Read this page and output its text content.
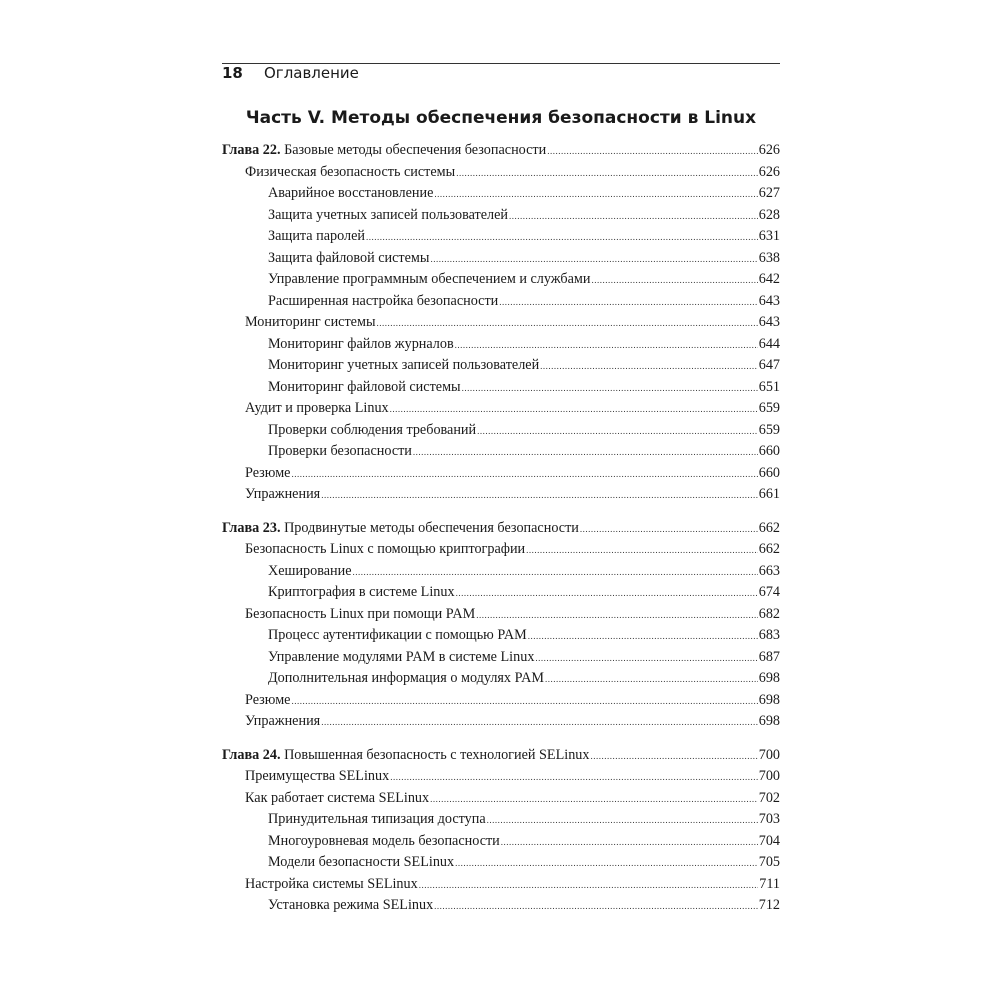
18 Оглавление
Часть V. Методы обеспечения безопасности в Linux
Глава 22. Базовые методы обеспечения безопасности .....	626
Физическая безопасность системы .....	626
Аварийное восстановление .....	627
Защита учетных записей пользователей .....	628
Защита паролей .....	631
Защита файловой системы .....	638
Управление программным обеспечением и службами .....	642
Расширенная настройка безопасности .....	643
Мониторинг системы .....	643
Мониторинг файлов журналов .....	644
Мониторинг учетных записей пользователей .....	647
Мониторинг файловой системы .....	651
Аудит и проверка Linux .....	659
Проверки соблюдения требований .....	659
Проверки безопасности .....	660
Резюме .....	660
Упражнения .....	661
Глава 23. Продвинутые методы обеспечения безопасности .....	662
Безопасность Linux с помощью криптографии .....	662
Хеширование .....	663
Криптография в системе Linux .....	674
Безопасность Linux при помощи PAM .....	682
Процесс аутентификации с помощью PAM .....	683
Управление модулями PAM в системе Linux .....	687
Дополнительная информация о модулях PAM .....	698
Резюме .....	698
Упражнения .....	698
Глава 24. Повышенная безопасность с технологией SELinux .....	700
Преимущества SELinux .....	700
Как работает система SELinux .....	702
Принудительная типизация доступа .....	703
Многоуровневая модель безопасности .....	704
Модели безопасности SELinux .....	705
Настройка системы SELinux .....	711
Установка режима SELinux .....	712
